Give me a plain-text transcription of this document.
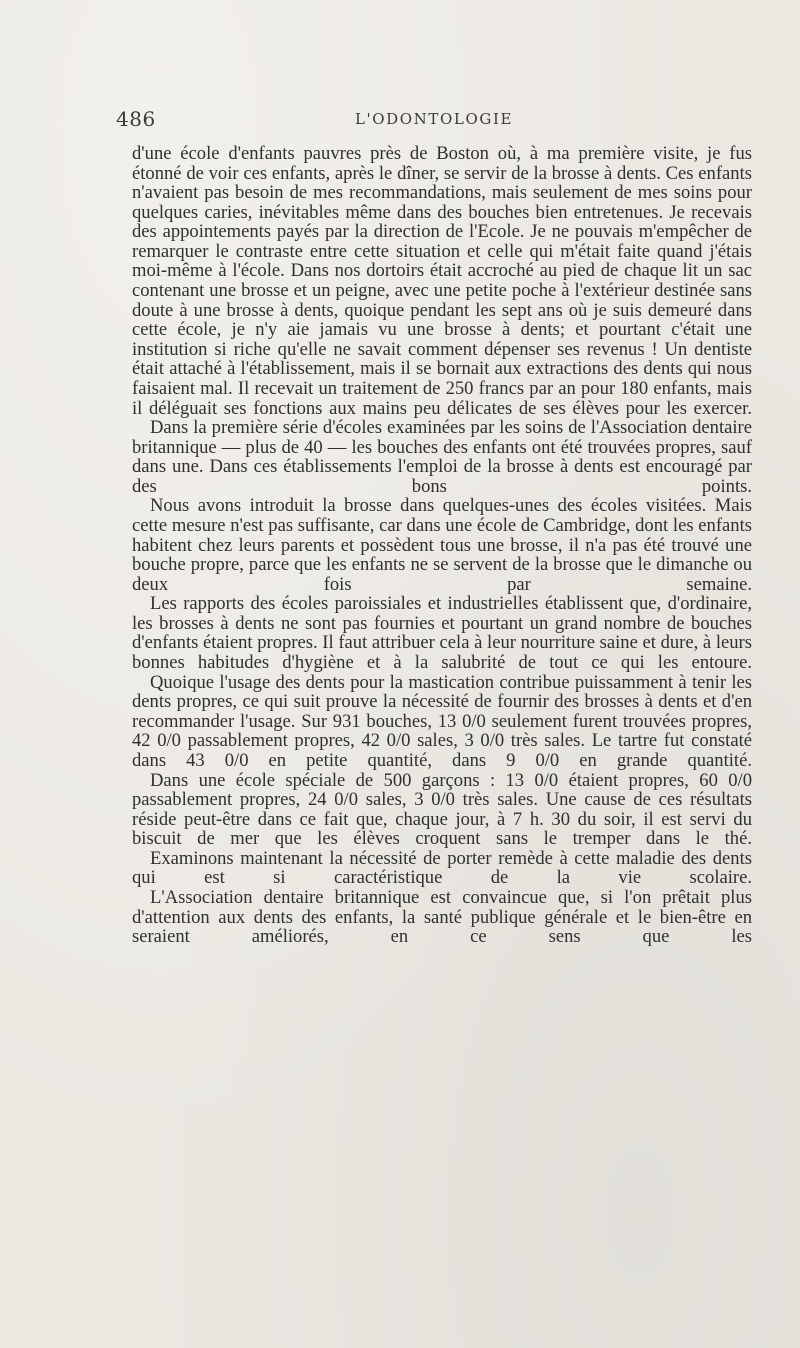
486	L'ODONTOLOGIE

d'une école d'enfants pauvres près de Boston où, à ma première visite, je fus étonné de voir ces enfants, après le dîner, se servir de la brosse à dents. Ces enfants n'avaient pas besoin de mes recommandations, mais seulement de mes soins pour quelques caries, inévitables même dans des bouches bien entretenues. Je recevais des appointements payés par la direction de l'Ecole. Je ne pouvais m'empêcher de remarquer le contraste entre cette situation et celle qui m'était faite quand j'étais moi-même à l'école. Dans nos dortoirs était accroché au pied de chaque lit un sac contenant une brosse et un peigne, avec une petite poche à l'extérieur destinée sans doute à une brosse à dents, quoique pendant les sept ans où je suis demeuré dans cette école, je n'y aie jamais vu une brosse à dents; et pourtant c'était une institution si riche qu'elle ne savait comment dépenser ses revenus ! Un dentiste était attaché à l'établissement, mais il se bornait aux extractions des dents qui nous faisaient mal. Il recevait un traitement de 250 francs par an pour 180 enfants, mais il déléguait ses fonctions aux mains peu délicates de ses élèves pour les exercer.

Dans la première série d'écoles examinées par les soins de l'Association dentaire britannique — plus de 40 — les bouches des enfants ont été trouvées propres, sauf dans une. Dans ces établissements l'emploi de la brosse à dents est encouragé par des bons points.

Nous avons introduit la brosse dans quelques-unes des écoles visitées. Mais cette mesure n'est pas suffisante, car dans une école de Cambridge, dont les enfants habitent chez leurs parents et possèdent tous une brosse, il n'a pas été trouvé une bouche propre, parce que les enfants ne se servent de la brosse que le dimanche ou deux fois par semaine.

Les rapports des écoles paroissiales et industrielles établissent que, d'ordinaire, les brosses à dents ne sont pas fournies et pourtant un grand nombre de bouches d'enfants étaient propres. Il faut attribuer cela à leur nourriture saine et dure, à leurs bonnes habitudes d'hygiène et à la salubrité de tout ce qui les entoure.

Quoique l'usage des dents pour la mastication contribue puissamment à tenir les dents propres, ce qui suit prouve la nécessité de fournir des brosses à dents et d'en recommander l'usage. Sur 931 bouches, 13 0/0 seulement furent trouvées propres, 42 0/0 passablement propres, 42 0/0 sales, 3 0/0 très sales. Le tartre fut constaté dans 43 0/0 en petite quantité, dans 9 0/0 en grande quantité.

Dans une école spéciale de 500 garçons : 13 0/0 étaient propres, 60 0/0 passablement propres, 24 0/0 sales, 3 0/0 très sales. Une cause de ces résultats réside peut-être dans ce fait que, chaque jour, à 7 h. 30 du soir, il est servi du biscuit de mer que les élèves croquent sans le tremper dans le thé.

Examinons maintenant la nécessité de porter remède à cette maladie des dents qui est si caractéristique de la vie scolaire.

L'Association dentaire britannique est convaincue que, si l'on prêtait plus d'attention aux dents des enfants, la santé publique générale et le bien-être en seraient améliorés, en ce sens que les
